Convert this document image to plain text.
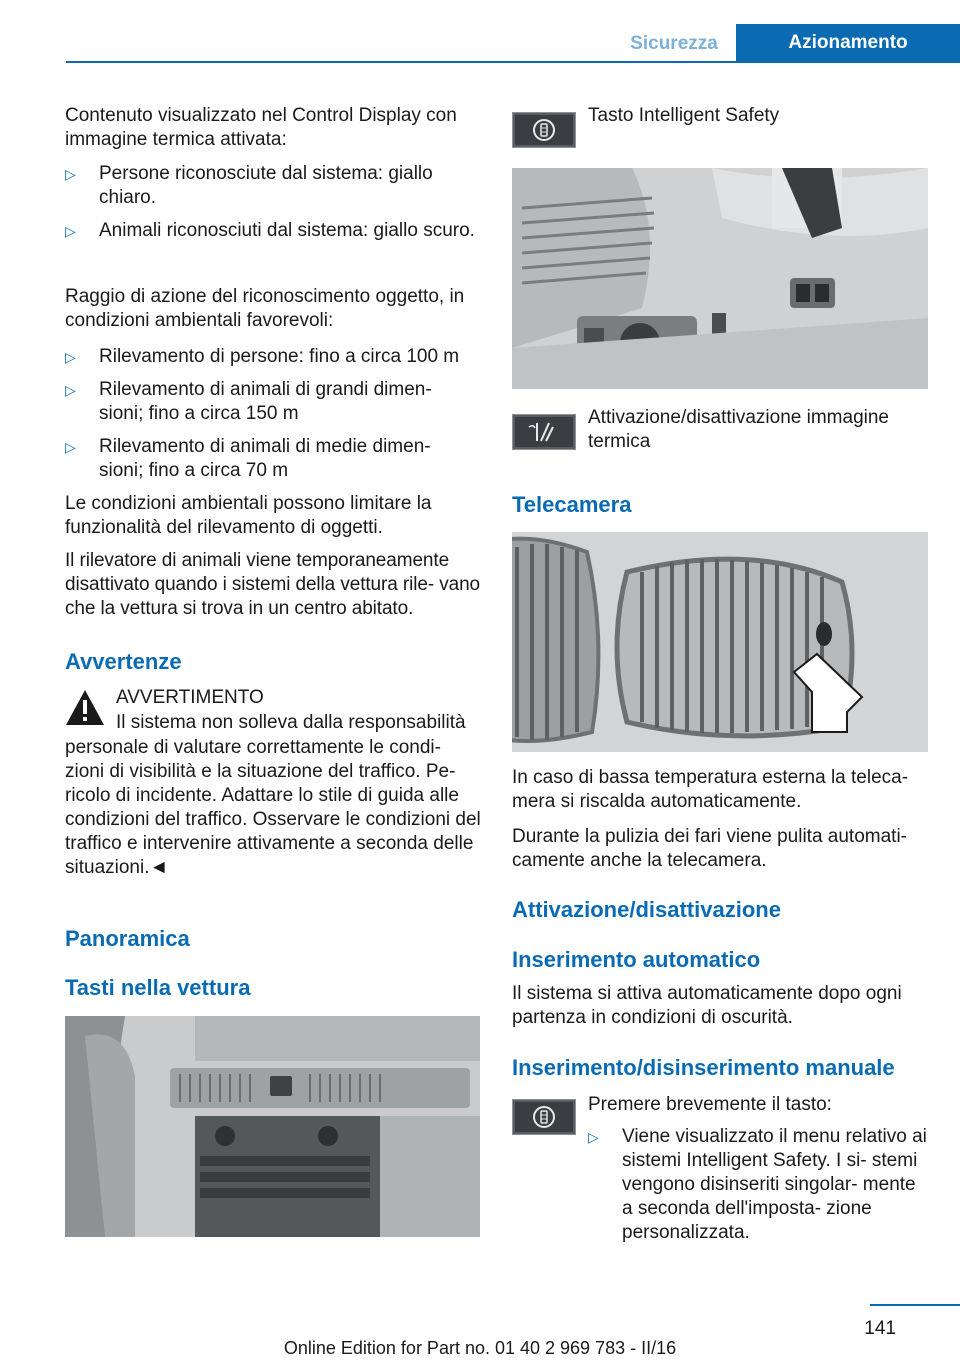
Sicurezza	Azionamento

Contenuto visualizzato nel Control Display con immagine termica attivata:

▷ Persone riconosciute dal sistema: giallo chiaro.
▷ Animali riconosciuti dal sistema: giallo scuro.

Raggio di azione del riconoscimento oggetto, in condizioni ambientali favorevoli:

▷ Rilevamento di persone: fino a circa 100 m
▷ Rilevamento di animali di grandi dimen‐ sioni; fino a circa 150 m
▷ Rilevamento di animali di medie dimen‐ sioni; fino a circa 70 m

Le condizioni ambientali possono limitare la funzionalità del rilevamento di oggetti.

Il rilevatore di animali viene temporaneamente disattivato quando i sistemi della vettura rile‐ vano che la vettura si trova in un centro abitato.

Avvertenze

AVVERTIMENTO

Il sistema non solleva dalla responsabilità

personale di valutare correttamente le condi‐ zioni di visibilità e la situazione del traffico. Pe‐ ricolo di incidente. Adattare lo stile di guida alle condizioni del traffico. Osservare le condizioni del traffico e intervenire attivamente a seconda delle situazioni.◄

Panoramica
Tasti nella vettura

Tasto Intelligent Safety

Attivazione/disattivazione immagine termica

Telecamera

In caso di bassa temperatura esterna la teleca‐ mera si riscalda automaticamente.

Durante la pulizia dei fari viene pulita automati‐ camente anche la telecamera.

Attivazione/disattivazione
Inserimento automatico

Il sistema si attiva automaticamente dopo ogni partenza in condizioni di oscurità.

Inserimento/disinserimento manuale

Premere brevemente il tasto:

▷ Viene visualizzato il menu relativo ai sistemi Intelligent Safety. I si‐ stemi vengono disinseriti singolar‐ mente a seconda dell'imposta‐ zione personalizzata.
141
Online Edition for Part no. 01 40 2 969 783 - II/16
